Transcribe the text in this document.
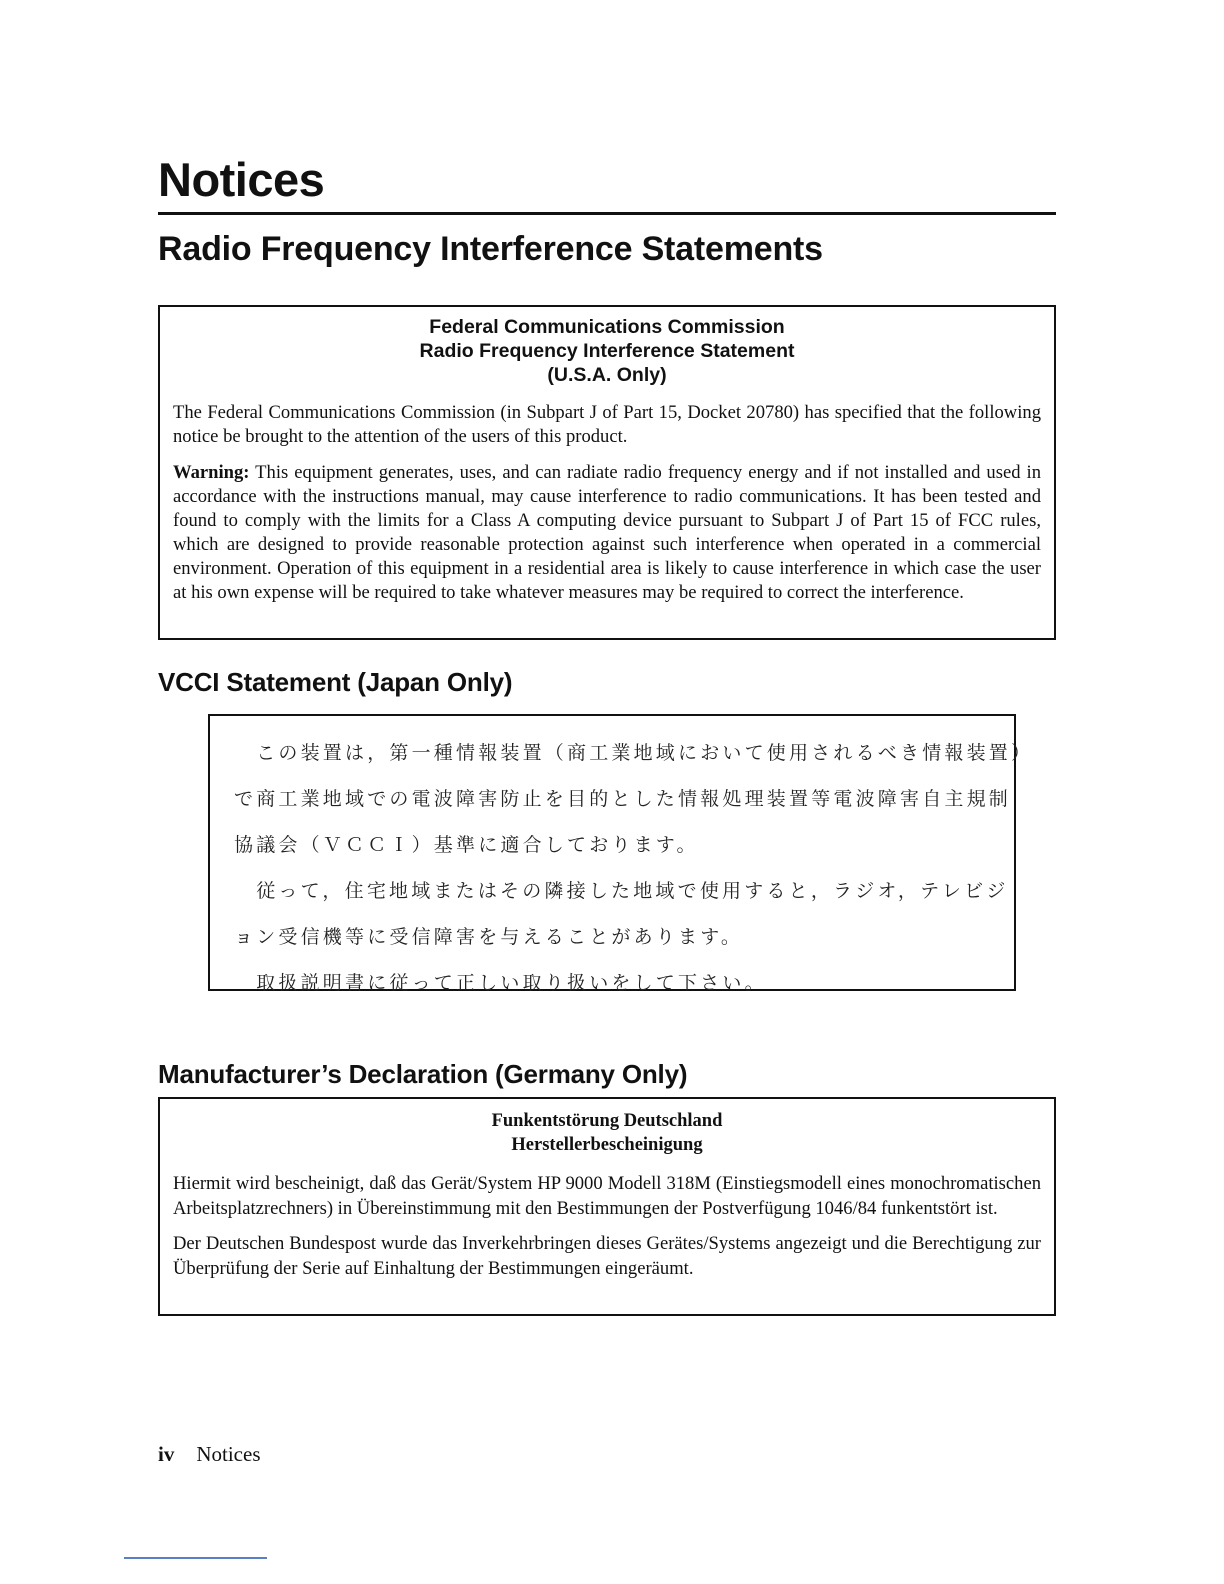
Notices
Radio Frequency Interference Statements
Federal Communications Commission
Radio Frequency Interference Statement
(U.S.A. Only)

The Federal Communications Commission (in Subpart J of Part 15, Docket 20780) has specified that the following notice be brought to the attention of the users of this product.

Warning: This equipment generates, uses, and can radiate radio frequency energy and if not installed and used in accordance with the instructions manual, may cause interference to radio communications. It has been tested and found to comply with the limits for a Class A computing device pursuant to Subpart J of Part 15 of FCC rules, which are designed to provide reasonable protection against such interference when operated in a commercial environment. Operation of this equipment in a residential area is likely to cause interference in which case the user at his own expense will be required to take whatever measures may be required to correct the interference.

VCCI Statement (Japan Only)
　この装置は，第一種情報装置（商工業地域において使用されるべき情報装置）
で商工業地域での電波障害防止を目的とした情報処理装置等電波障害自主規制
協議会（ＶＣＣＩ）基準に適合しております。
　従って，住宅地域またはその隣接した地域で使用すると，ラジオ，テレビジ
ョン受信機等に受信障害を与えることがあります。
　取扱説明書に従って正しい取り扱いをして下さい。
Manufacturer’s Declaration (Germany Only)
Funkentstörung Deutschland
Herstellerbescheinigung

Hiermit wird bescheinigt, daß das Gerät/System HP 9000 Modell 318M (Einstiegsmodell eines monochromatischen Arbeitsplatzrechners) in Übereinstimmung mit den Bestimmungen der Postverfügung 1046/84 funkentstört ist.

Der Deutschen Bundespost wurde das Inverkehrbringen dieses Gerätes/Systems angezeigt und die Berechtigung zur Überprüfung der Serie auf Einhaltung der Bestimmungen eingeräumt.

iv Notices
